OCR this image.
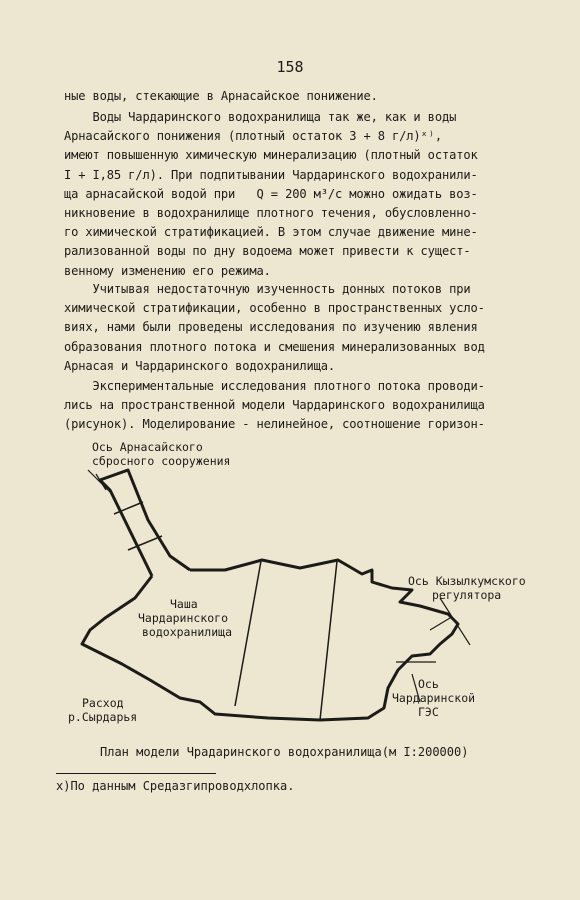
158

ные воды, стекающие в Арнасайское понижение.

Воды Чардаринского водохранилища так же, как и воды
Арнасайского понижения (плотный остаток 3 + 8 г/л)ˣ⁾,
имеют повышенную химическую минерализацию (плотный остаток
I + I,85 г/л). При подпитывании Чардаринского водохранили-
ща арнасайской водой при   Q = 200 м³/с можно ожидать воз-
никновение в водохранилище плотного течения, обусловленно-
го химической стратификацией. В этом случае движение мине-
рализованной воды по дну водоема может привести к сущест-
венному изменению его режима.

Учитывая недостаточную изученность донных потоков при
химической стратификации, особенно в пространственных усло-
виях, нами были проведены исследования по изучению явления
образования плотного потока и смешения минерализованных вод
Арнасая и Чардаринского водохранилища.

Экспериментальные исследования плотного потока проводи-
лись на пространственной модели Чардаринского водохранилища
(рисунок). Моделирование - нелинейное, соотношение горизон-

Ось Арнасайского
сбросного сооружения
Чаша
Чардаринского
водохранилища
Ось Кызылкумского
регулятора
Расход
р.Сырдарья
Ось
Чардаринской
ГЭС
План модели Чрадаринского водохранилища(м I:200000)
х)По данным Средазгипроводхлопка.
